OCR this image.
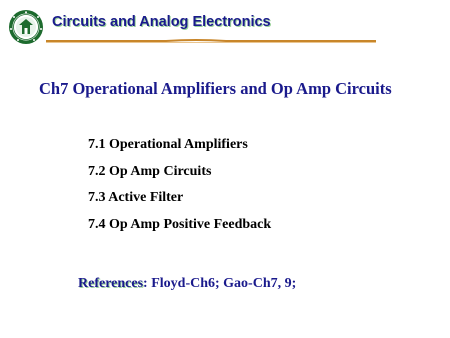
Circuits and Analog Electronics
Ch7 Operational Amplifiers and Op Amp Circuits
7.1 Operational Amplifiers
7.2 Op Amp Circuits
7.3 Active Filter
7.4 Op Amp Positive Feedback
References: Floyd-Ch6; Gao-Ch7, 9;
